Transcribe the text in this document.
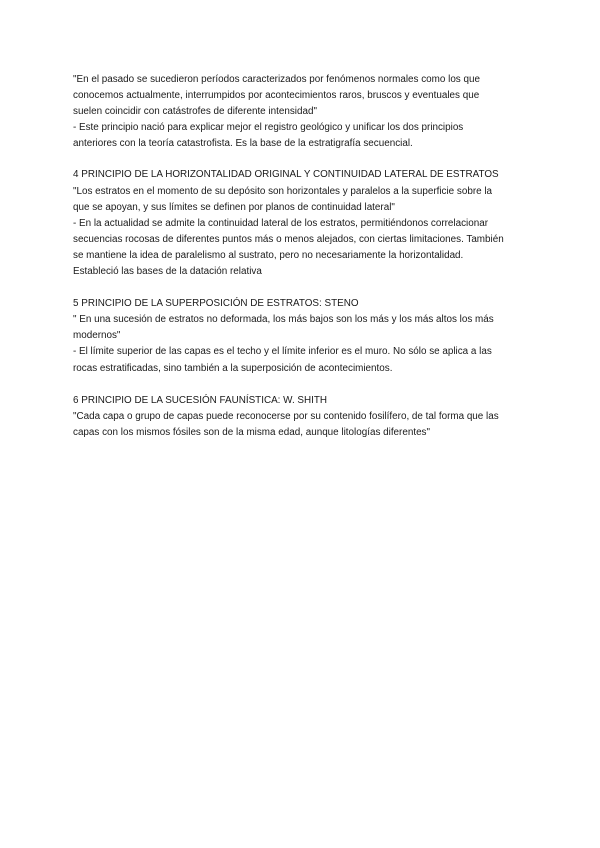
"En el pasado se sucedieron períodos caracterizados por fenómenos normales como los que
conocemos actualmente, interrumpidos por acontecimientos raros, bruscos y eventuales que
suelen coincidir con catástrofes de diferente intensidad"
- Este principio nació para explicar mejor el registro geológico y unificar los dos principios
anteriores con la teoría catastrofista. Es la base de la estratigrafía secuencial.
4 PRINCIPIO DE LA HORIZONTALIDAD ORIGINAL Y CONTINUIDAD LATERAL DE ESTRATOS
"Los estratos en el momento de su depósito son horizontales y paralelos a la superficie sobre la
que se apoyan, y sus límites se definen por planos de continuidad lateral"
- En la actualidad se admite la continuidad lateral de los estratos, permitiéndonos correlacionar
secuencias rocosas de diferentes puntos más o menos alejados, con ciertas limitaciones. También
se mantiene la idea de paralelismo al sustrato, pero no necesariamente la horizontalidad.
Estableció las bases de la datación relativa
5 PRINCIPIO DE LA SUPERPOSICIÓN DE ESTRATOS: STENO
" En una sucesión de estratos no deformada, los más bajos son los más y los más altos los más
modernos"
- El límite superior de las capas es el techo y el límite inferior es el muro. No sólo se aplica a las
rocas estratificadas, sino también a la superposición de acontecimientos.
6 PRINCIPIO DE LA SUCESIÓN FAUNÍSTICA: W. SHITH
"Cada capa o grupo de capas puede reconocerse por su contenido fosilífero, de tal forma que las
capas con los mismos fósiles son de la misma edad, aunque litologías diferentes"
